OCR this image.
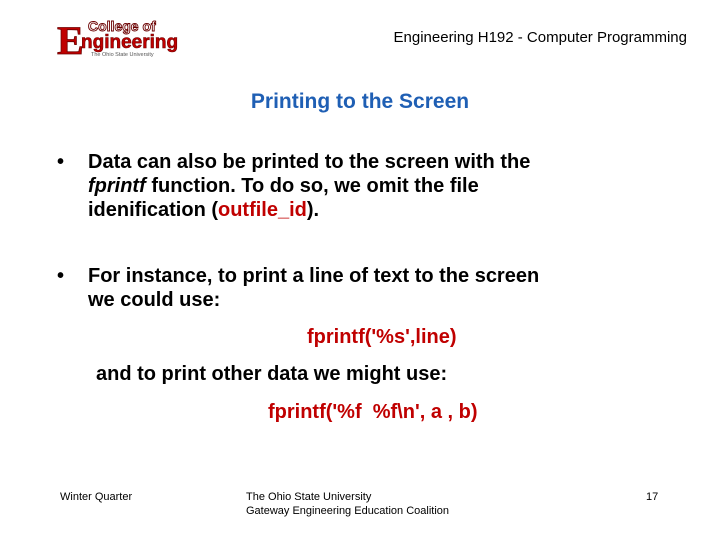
E College of
ngineering
The Ohio State University
Engineering H192 - Computer Programming
Printing to the Screen
• Data can also be printed to the screen with the
fprintf function. To do so, we omit the file
idenification (outfile_id).
• For instance, to print a line of text to the screen
we could use:
fprintf('%s',line)
and to print other data we might use:
fprintf('%f  %f\n', a , b)
Winter Quarter	The Ohio State University
Gateway Engineering Education Coalition
17
